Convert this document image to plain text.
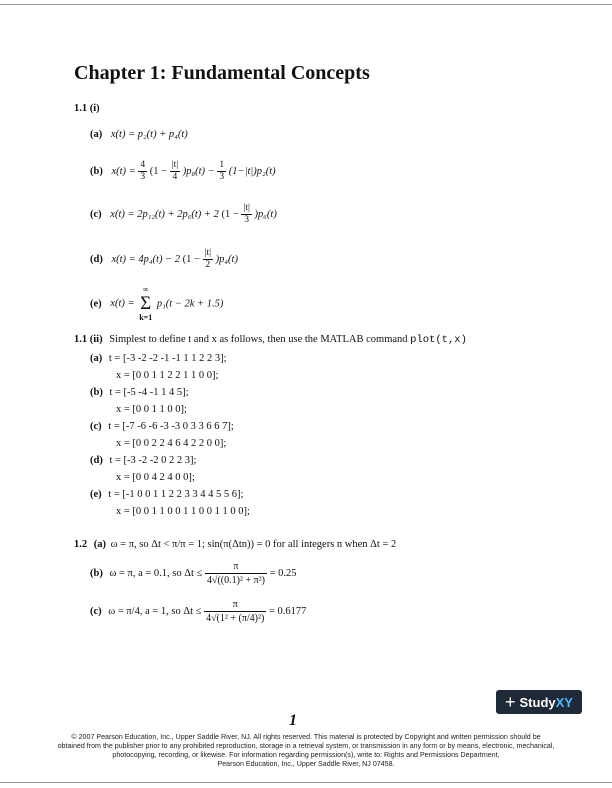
Chapter 1: Fundamental Concepts
1.1 (i)
(a) x(t) = p₂(t) + p₄(t)
(b) $x(t) = \frac{4}{3} (1 - \frac{|t|}{4} )p_8(t) - \frac{1}{3} (1-|t|)p_2(t)$
(c) x(t) = 2p₁₂(t) + 2p₆(t) + 2 $(1 - \frac{|t|}{3} )p_6(t)$
(d) x(t) = 4p₄(t) − 2 $(1 - \frac{|t|}{2} )p_4(t)$
(e) x(t) =
∞
Σ
k=1
p₁(t − 2k + 1.5)
1.1 (ii) Simplest to define t and x as follows, then use the MATLAB command plot(t,x)
(a) t = [-3 -2 -2 -1 -1 1 1 2 2 3];
x = [0 0 1 1 2 2 1 1 0 0];
(b) t = [-5 -4 -1 1 4 5];
x = [0 0 1 1 0 0];
(c) t = [-7 -6 -6 -3 -3 0 3 3 6 6 7];
x = [0 0 2 2 4 6 4 2 2 0 0];
(d) t = [-3 -2 -2 0 2 2 3];
x = [0 0 4 2 4 0 0];
(e) t = [-1 0 0 1 1 2 2 3 3 4 4 5 5 6];
x = [0 0 1 1 0 0 1 1 0 0 1 1 0 0];
1.2 (a) ω = π, so Δt < π/π = 1; sin(π(Δtn)) = 0 for all integers n when Δt = 2
(b) ω = π, a = 0.1, so $\Delta t \le \frac{\pi}{\text{4√((0.1)² + π²)}} = 0.25$
(c) ω = π/4, a = 1, so $\Delta t \le \frac{\pi}{\text{4√(1² + (π/4)²)}} = 0.6177$
+ StudyXY
1
© 2007 Pearson Education, Inc., Upper Saddle River, NJ. All rights reserved. This material is protected by Copyright and written permission should be
obtained from the publisher prior to any prohibited reproduction, storage in a retrieval system, or transmission in any form or by means, electronic, mechanical,
photocopying, recording, or likewise. For information regarding permission(s), write to: Rights and Permissions Department,
Pearson Education, Inc., Upper Saddle River, NJ 07458.
